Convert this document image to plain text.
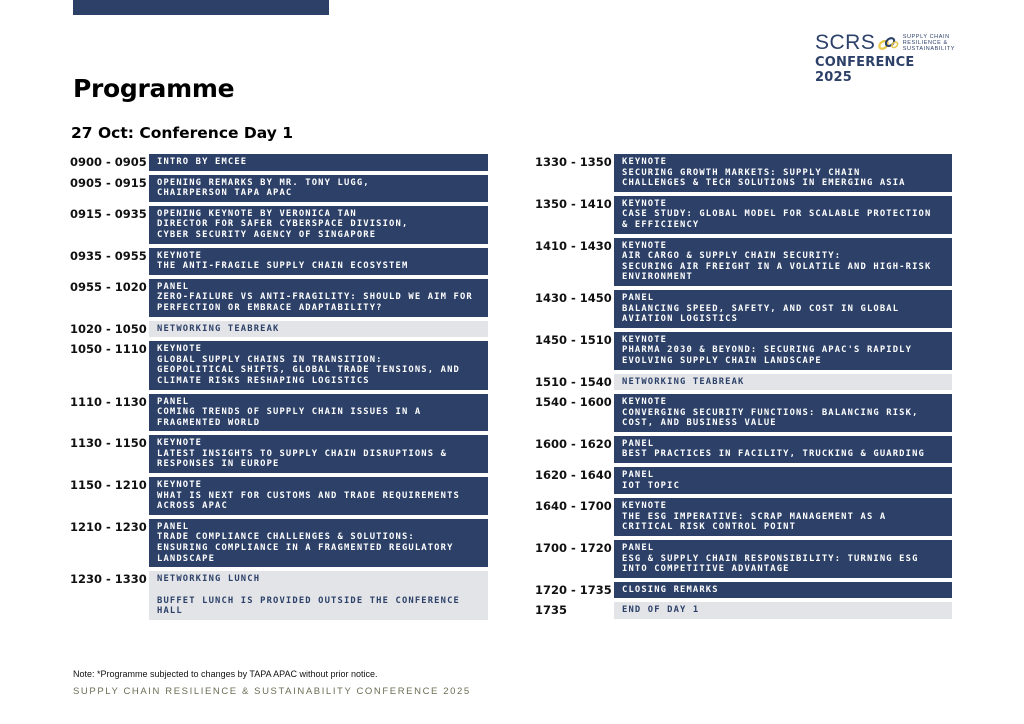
SCRS	SUPPLY CHAIN
RESILIENCE &
SUSTAINABILITY
CONFERENCE 2025
Programme
27 Oct: Conference Day 1
0900 - 0905 INTRO BY EMCEE
0905 - 0915 OPENING REMARKS BY MR. TONY LUGG,
CHAIRPERSON TAPA APAC
0915 - 0935 OPENING KEYNOTE BY VERONICA TAN
DIRECTOR FOR SAFER CYBERSPACE DIVISION,
CYBER SECURITY AGENCY OF SINGAPORE
0935 - 0955 KEYNOTE
THE ANTI-FRAGILE SUPPLY CHAIN ECOSYSTEM
0955 - 1020 PANEL
ZERO-FAILURE VS ANTI-FRAGILITY: SHOULD WE AIM FOR
PERFECTION OR EMBRACE ADAPTABILITY?
1020 - 1050 NETWORKING TEABREAK
1050 - 1110 KEYNOTE
GLOBAL SUPPLY CHAINS IN TRANSITION:
GEOPOLITICAL SHIFTS, GLOBAL TRADE TENSIONS, AND
CLIMATE RISKS RESHAPING LOGISTICS
1110 - 1130 PANEL
COMING TRENDS OF SUPPLY CHAIN ISSUES IN A
FRAGMENTED WORLD
1130 - 1150 KEYNOTE
LATEST INSIGHTS TO SUPPLY CHAIN DISRUPTIONS &
RESPONSES IN EUROPE
1150 - 1210 KEYNOTE
WHAT IS NEXT FOR CUSTOMS AND TRADE REQUIREMENTS
ACROSS APAC
1210 - 1230 PANEL
TRADE COMPLIANCE CHALLENGES & SOLUTIONS:
ENSURING COMPLIANCE IN A FRAGMENTED REGULATORY
LANDSCAPE
1230 - 1330 NETWORKING LUNCH
BUFFET LUNCH IS PROVIDED OUTSIDE THE CONFERENCE
HALL
1330 - 1350 KEYNOTE
SECURING GROWTH MARKETS: SUPPLY CHAIN
CHALLENGES & TECH SOLUTIONS IN EMERGING ASIA
1350 - 1410 KEYNOTE
CASE STUDY: GLOBAL MODEL FOR SCALABLE PROTECTION
& EFFICIENCY
1410 - 1430 KEYNOTE
AIR CARGO & SUPPLY CHAIN SECURITY:
SECURING AIR FREIGHT IN A VOLATILE AND HIGH-RISK
ENVIRONMENT
1430 - 1450 PANEL
BALANCING SPEED, SAFETY, AND COST IN GLOBAL
AVIATION LOGISTICS
1450 - 1510 KEYNOTE
PHARMA 2030 & BEYOND: SECURING APAC'S RAPIDLY
EVOLVING SUPPLY CHAIN LANDSCAPE
1510 - 1540 NETWORKING TEABREAK
1540 - 1600 KEYNOTE
CONVERGING SECURITY FUNCTIONS: BALANCING RISK,
COST, AND BUSINESS VALUE
1600 - 1620 PANEL
BEST PRACTICES IN FACILITY, TRUCKING & GUARDING
1620 - 1640 PANEL
IOT TOPIC
1640 - 1700 KEYNOTE
THE ESG IMPERATIVE: SCRAP MANAGEMENT AS A
CRITICAL RISK CONTROL POINT
1700 - 1720 PANEL
ESG & SUPPLY CHAIN RESPONSIBILITY: TURNING ESG
INTO COMPETITIVE ADVANTAGE
1720 - 1735 CLOSING REMARKS
1735	END OF DAY 1
Note: *Programme subjected to changes by TAPA APAC without prior notice.
SUPPLY CHAIN RESILIENCE & SUSTAINABILITY CONFERENCE 2025
